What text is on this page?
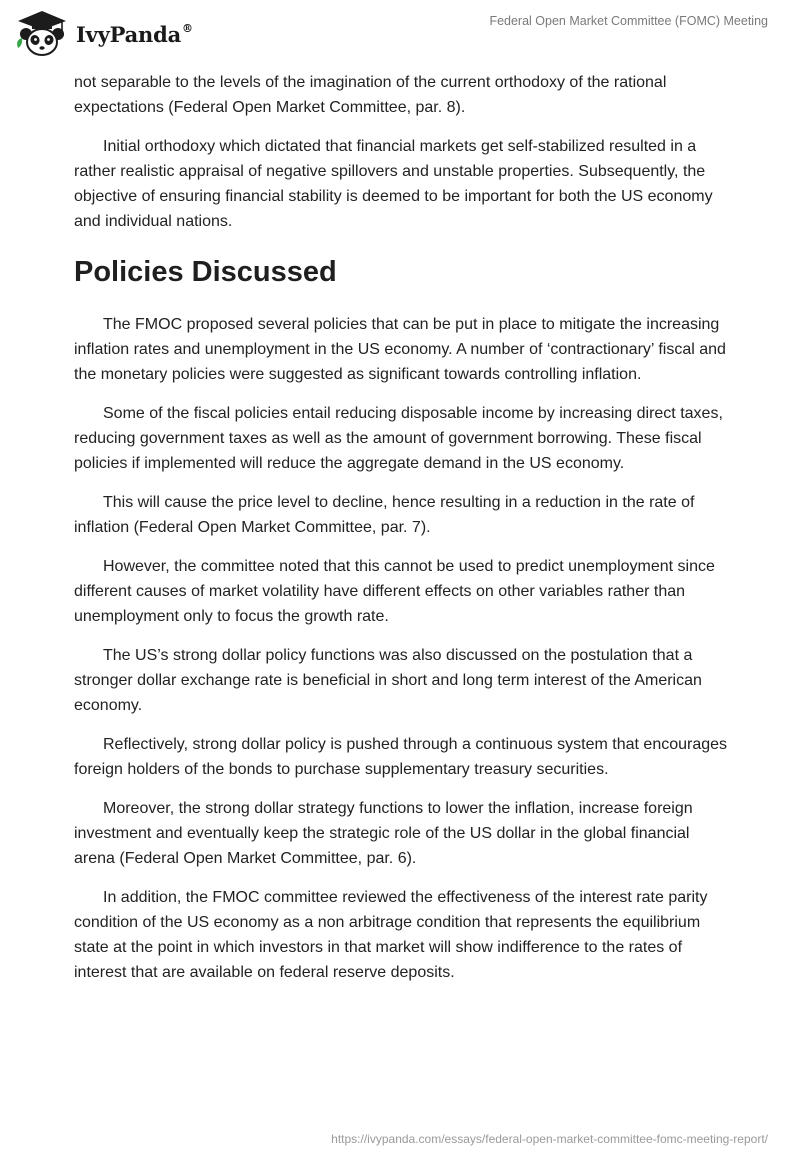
IvyPanda®	Federal Open Market Committee (FOMC) Meeting

not separable to the levels of the imagination of the current orthodoxy of the rational expectations (Federal Open Market Committee, par. 8).

Initial orthodoxy which dictated that financial markets get self-stabilized resulted in a rather realistic appraisal of negative spillovers and unstable properties. Subsequently, the objective of ensuring financial stability is deemed to be important for both the US economy and individual nations.

Policies Discussed

The FMOC proposed several policies that can be put in place to mitigate the increasing inflation rates and unemployment in the US economy. A number of ‘contractionary’ fiscal and the monetary policies were suggested as significant towards controlling inflation.

Some of the fiscal policies entail reducing disposable income by increasing direct taxes, reducing government taxes as well as the amount of government borrowing. These fiscal policies if implemented will reduce the aggregate demand in the US economy.

This will cause the price level to decline, hence resulting in a reduction in the rate of inflation (Federal Open Market Committee, par. 7).

However, the committee noted that this cannot be used to predict unemployment since different causes of market volatility have different effects on other variables rather than unemployment only to focus the growth rate.

The US’s strong dollar policy functions was also discussed on the postulation that a stronger dollar exchange rate is beneficial in short and long term interest of the American economy.

Reflectively, strong dollar policy is pushed through a continuous system that encourages foreign holders of the bonds to purchase supplementary treasury securities.

Moreover, the strong dollar strategy functions to lower the inflation, increase foreign investment and eventually keep the strategic role of the US dollar in the global financial arena (Federal Open Market Committee, par. 6).

In addition, the FMOC committee reviewed the effectiveness of the interest rate parity condition of the US economy as a non arbitrage condition that represents the equilibrium state at the point in which investors in that market will show indifference to the rates of interest that are available on federal reserve deposits.

https://ivypanda.com/essays/federal-open-market-committee-fomc-meeting-report/
